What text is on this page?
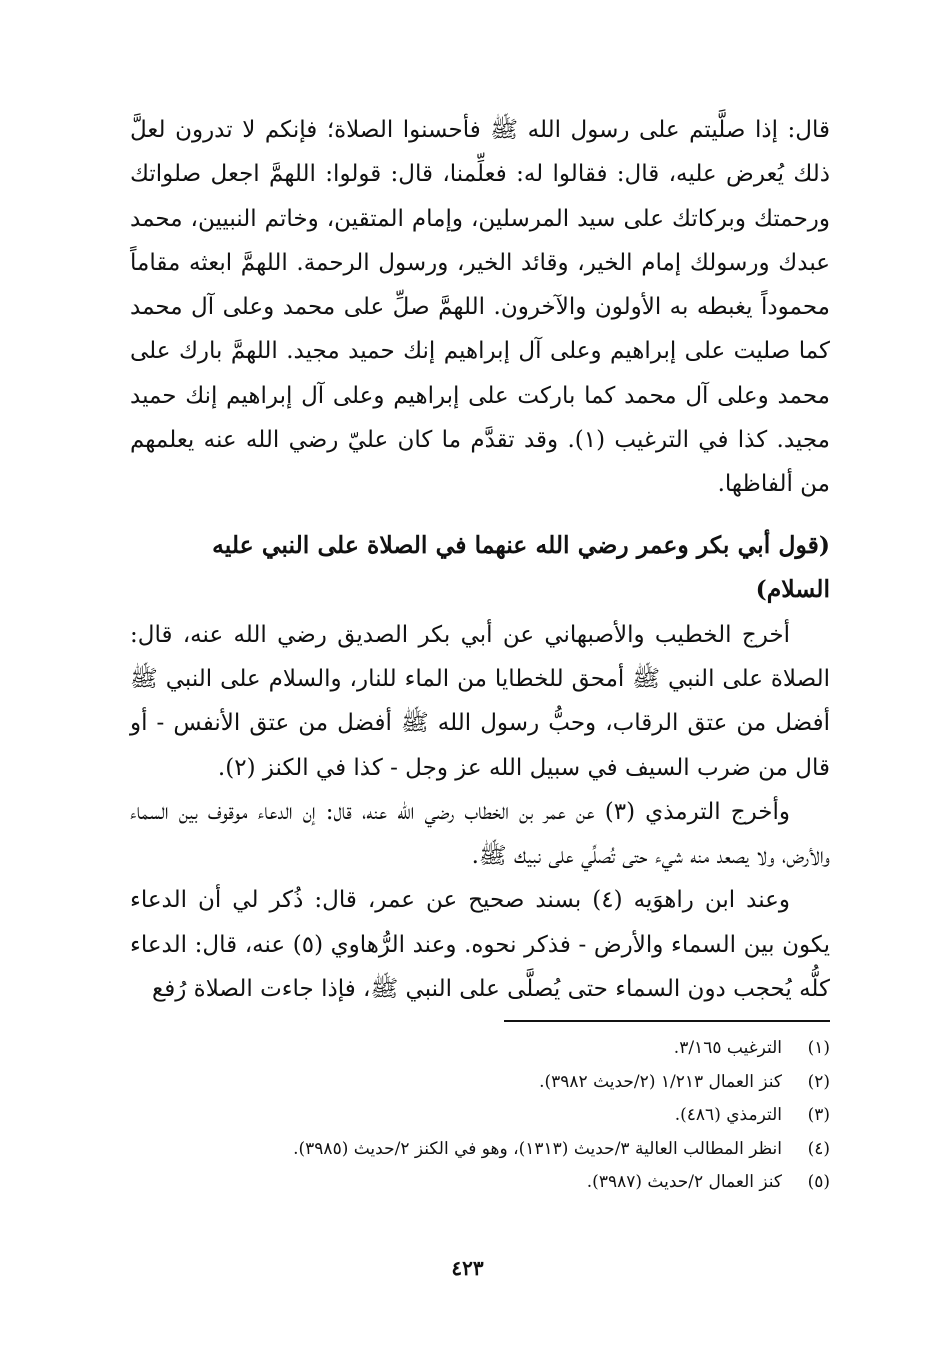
قال: إذا صلَّيتم على رسول الله ﷺ فأحسنوا الصلاة؛ فإنكم لا تدرون لعلَّ ذلك يُعرض عليه، قال: فقالوا له: فعلِّمنا، قال: قولوا: اللهمَّ اجعل صلواتك ورحمتك وبركاتك على سيد المرسلين، وإمام المتقين، وخاتم النبيين، محمد عبدك ورسولك إمام الخير، وقائد الخير، ورسول الرحمة. اللهمَّ ابعثه مقاماً محموداً يغبطه به الأولون والآخرون. اللهمَّ صلِّ على محمد وعلى آل محمد كما صليت على إبراهيم وعلى آل إبراهيم إنك حميد مجيد. اللهمَّ بارك على محمد وعلى آل محمد كما باركت على إبراهيم وعلى آل إبراهيم إنك حميد مجيد. كذا في الترغيب (١). وقد تقدَّم ما كان عليّ رضي الله عنه يعلمهم من ألفاظها.

(قول أبي بكر وعمر رضي الله عنهما في الصلاة على النبي عليه السلام)

أخرج الخطيب والأصبهاني عن أبي بكر الصديق رضي الله عنه، قال: الصلاة على النبي ﷺ أمحق للخطايا من الماء للنار، والسلام على النبي ﷺ أفضل من عتق الرقاب، وحبُّ رسول الله ﷺ أفضل من عتق الأنفس - أو قال من ضرب السيف في سبيل الله عز وجل - كذا في الكنز (٢).

وأخرج الترمذي (٣) عن عمر بن الخطاب رضي الله عنه، قال: إن الدعاء موقوف بين السماء والأرض، ولا يصعد منه شيء حتى تُصلِّي على نبيك ﷺ.

وعند ابن راهوَيه (٤) بسند صحيح عن عمر، قال: ذُكر لي أن الدعاء يكون بين السماء والأرض - فذكر نحوه. وعند الرُّهاوي (٥) عنه، قال: الدعاء كلُّه يُحجب دون السماء حتى يُصلَّى على النبي ﷺ، فإذا جاءت الصلاة رُفع

(١)
الترغيب ٣/١٦٥.
(٢)
كنز العمال ١/٢١٣ (٢/حديث ٣٩٨٢).
(٣)
الترمذي (٤٨٦).
(٤)
انظر المطالب العالية ٣/حديث (١٣١٣)، وهو في الكنز ٢/حديث (٣٩٨٥).
(٥)
كنز العمال ٢/حديث (٣٩٨٧).
٤٢٣
